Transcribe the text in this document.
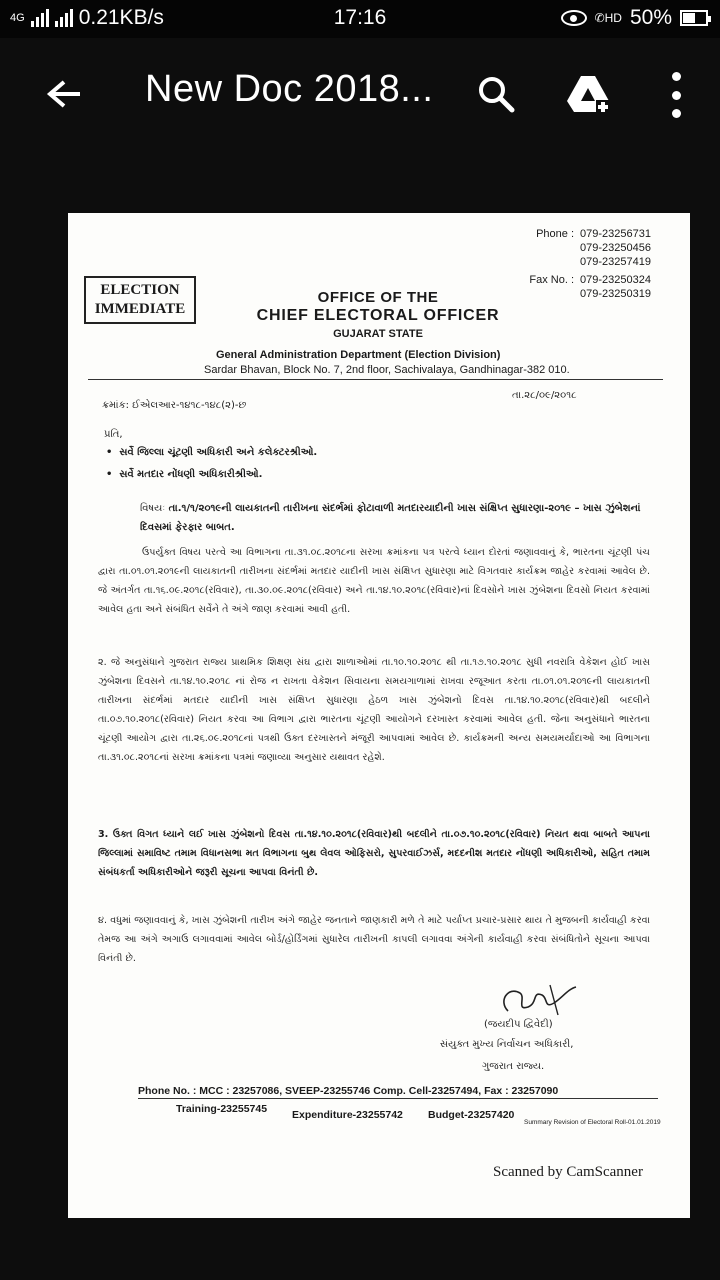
4G	0.21KB/s	17:16	✆HD 50%
New Doc 2018...
Phone : 079-23256731
079-23250456
079-23257419
Fax No. : 079-23250324
079-23250319
ELECTION
IMMEDIATE
OFFICE OF THE
CHIEF ELECTORAL OFFICER
GUJARAT STATE
General Administration Department (Election Division)
Sardar Bhavan, Block No. 7, 2nd floor, Sachivalaya, Gandhinagar-382 010.
તા.૨૮/૦૯/૨૦૧૮
ક્રમાંક: ઈએલઆર-૧૪૧૮-૧૪૮(૨)-છ
પ્રતિ,
•  સર્વે જિલ્લા ચૂંટણી અધિકારી અને કલેક્ટરશ્રીઓ.
•  સર્વે મતદાર નોંધણી અધિકારીશ્રીઓ.
વિષયઃ તા.૧/૧/૨૦૧૯ની લાયકાતની તારીખના સંદર્ભમાં ફોટાવાળી મતદારયાદીની ખાસ સંક્ષિપ્ત સુધારણા-૨૦૧૯ – ખાસ ઝુંબેશનાં દિવસમાં ફેરફાર બાબત.
ઉપર્યુક્ત વિષય પરત્વે આ વિભાગના તા.૩૧.૦૮.૨૦૧૮ના સરખા ક્રમાંકના પત્ર પરત્વે ધ્યાન દોરતાં જણાવવાનું કે, ભારતના ચૂંટણી પંચ દ્વારા તા.૦૧.૦૧.૨૦૧૯ની લાયકાતની તારીખના સંદર્ભમાં મતદાર યાદીની ખાસ સંક્ષિપ્ત સુધારણા માટે વિગતવાર કાર્યક્રમ જાહેર કરવામાં આવેલ છે. જે અંતર્ગત તા.૧૬.૦૯.૨૦૧૮(રવિવાર), તા.૩૦.૦૯.૨૦૧૮(રવિવાર) અને તા.૧૪.૧૦.૨૦૧૮(રવિવાર)નાં દિવસોને ખાસ ઝુંબેશના દિવસો નિયત કરવામાં આવેલ હતા અને સંબંધિત સર્વેને તે અંગે જાણ કરવામાં આવી હતી.
૨. જે અનુસંધાને ગુજરાત રાજ્ય પ્રાથમિક શિક્ષણ સંઘ દ્વારા શાળાઓમાં તા.૧૦.૧૦.૨૦૧૮ થી તા.૧૭.૧૦.૨૦૧૮ સુધી નવરાત્રિ વેકેશન હોઈ ખાસ ઝુંબેશના દિવસને તા.૧૪.૧૦.૨૦૧૮ નાં રોજ ન રાખતા વેકેશન સિવાયના સમયગાળામાં રાખવા રજૂઆત કરતા તા.૦૧.૦૧.૨૦૧૯ની લાયકાતની તારીખના સંદર્ભમાં મતદાર યાદીની ખાસ સંક્ષિપ્ત સુધારણા હેઠળ ખાસ ઝુંબેશનો દિવસ તા.૧૪.૧૦.૨૦૧૮(રવિવાર)થી બદલીને તા.૦૭.૧૦.૨૦૧૮(રવિવાર) નિયત કરવા આ વિભાગ દ્વારા ભારતના ચૂંટણી આયોગને દરખાસ્ત કરવામાં આવેલ હતી. જેના અનુસંધાને ભારતના ચૂંટણી આયોગ દ્વારા તા.૨૬.૦૯.૨૦૧૮નાં પત્રથી ઉક્ત દરખાસ્તને મંજૂરી આપવામાં આવેલ છે. કાર્યક્રમની અન્ય સમયમર્યાદાઓ આ વિભાગના તા.૩૧.૦૮.૨૦૧૮નાં સરખા ક્રમાંકના પત્રમાં જણાવ્યા અનુસાર યથાવત રહેશે.
3. ઉક્ત વિગત ધ્યાને લઈ ખાસ ઝુંબેશનો દિવસ તા.૧૪.૧૦.૨૦૧૮(રવિવાર)થી બદલીને તા.૦૭.૧૦.૨૦૧૮(રવિવાર) નિયત થવા બાબતે આપના જિલ્લામાં સમાવિષ્ટ તમામ વિધાનસભા મત વિભાગના બુથ લેવલ ઓફિસરો, સુપરવાઈઝર્સ, મદદનીશ મતદાર નોંધણી અધિકારીઓ, સહિત તમામ સંબંધકર્તા અધિકારીઓને જરૂરી સૂચના આપવા વિનંતી છે.
૪. વધુમાં જણાવવાનું કે, ખાસ ઝુંબેશની તારીખ અંગે જાહેર જનતાને જાણકારી મળે તે માટે પર્યાપ્ત પ્રચાર-પ્રસાર થાય તે મુજબની કાર્યવાહી કરવા તેમજ આ અંગે અગાઉ લગાવવામાં આવેલ બોર્ડ/હોર્ડિંગમાં સુધારેલ તારીખની કાપલી લગાવવા અંગેની કાર્યવાહી કરવા સંબંધિતોને સૂચના આપવા વિનંતી છે.
(જયદીપ દ્વિવેદી)
સંયુક્ત મુખ્ય નિર્વાચન અધિકારી,
ગુજરાત રાજ્ય.
Phone No. : MCC : 23257086, SVEEP-23255746 Comp. Cell-23257494, Fax : 23257090
Training-23255745 Expenditure-23255742 Budget-23257420
Summary Revision of Electoral Roll-01.01.2019
Scanned by CamScanner
